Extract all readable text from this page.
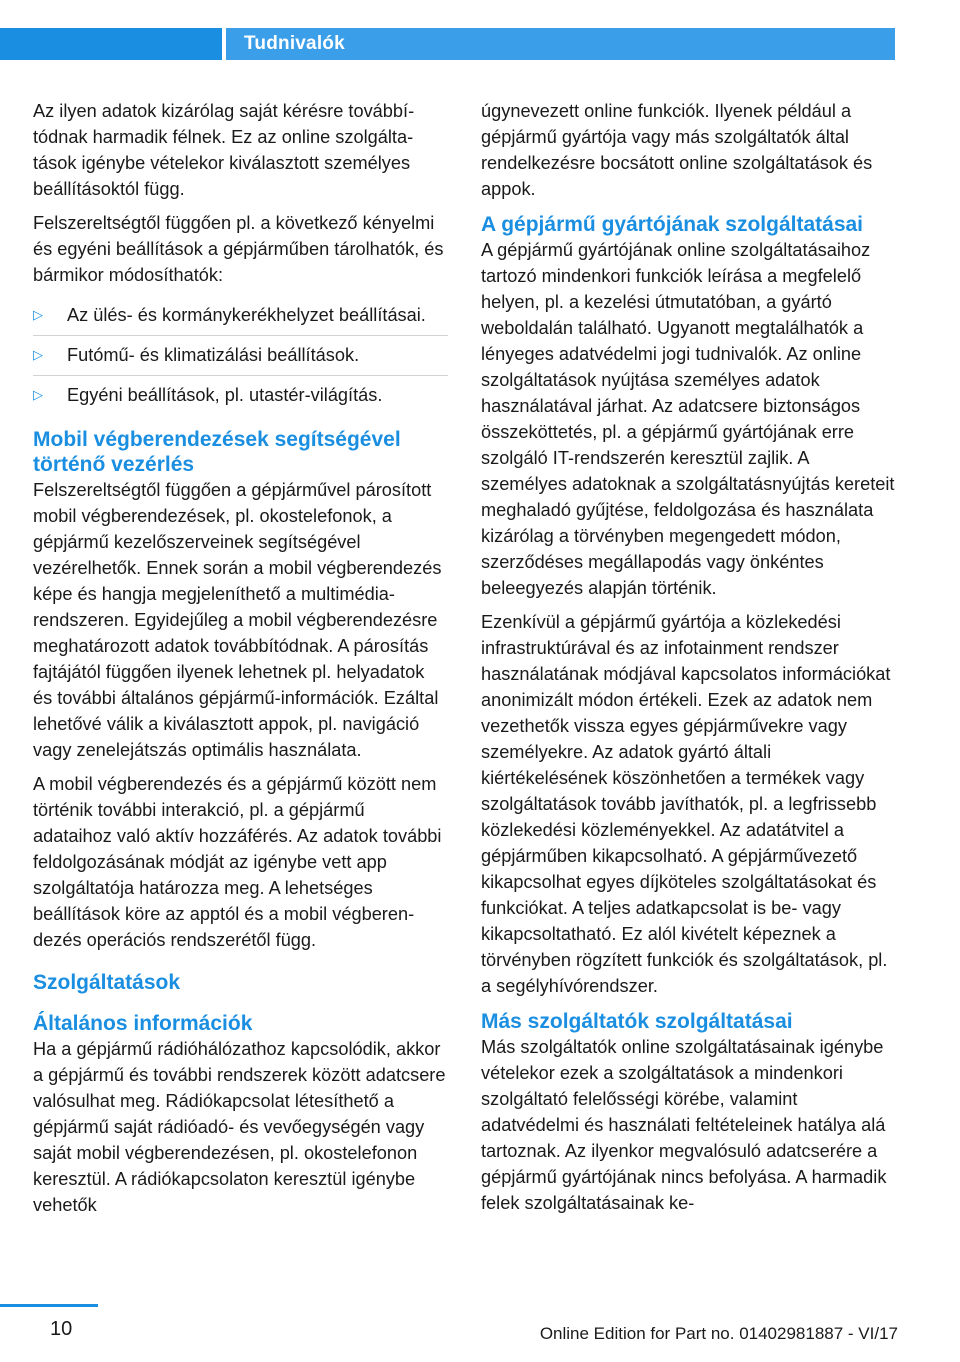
Tudnivalók

Az ilyen adatok kizárólag saját kérésre továbbítódnak harmadik félnek. Ez az online szolgáltatások igénybe vételekor kiválasztott személyes beállításoktól függ.

Felszereltségtől függően pl. a következő kényelmi és egyéni beállítások a gépjárműben tárolhatók, és bármikor módosíthatók:

▷ Az ülés- és kormánykerékhelyzet beállításai.
▷ Futómű- és klimatizálási beállítások.
▷ Egyéni beállítások, pl. utastér-világítás.
Mobil végberendezések segítségével történő vezérlés

Felszereltségtől függően a gépjárművel párosított mobil végberendezések, pl. okostelefonok, a gépjármű kezelőszerveinek segítségével vezérelhetők. Ennek során a mobil végberendezés képe és hangja megjeleníthető a multimédia-rendszeren. Egyidejűleg a mobil végberendezésre meghatározott adatok továbbítódnak. A párosítás fajtájától függően ilyenek lehetnek pl. helyadatok és további általános gépjármű-információk. Ezáltal lehetővé válik a kiválasztott appok, pl. navigáció vagy zenelejátszás optimális használata.

A mobil végberendezés és a gépjármű között nem történik további interakció, pl. a gépjármű adataihoz való aktív hozzáférés. Az adatok további feldolgozásának módját az igénybe vett app szolgáltatója határozza meg. A lehetséges beállítások köre az apptól és a mobil végberendezés operációs rendszerétől függ.

Szolgáltatások
Általános információk

Ha a gépjármű rádióhálózathoz kapcsolódik, akkor a gépjármű és további rendszerek között adatcsere valósulhat meg. Rádiókapcsolat létesíthető a gépjármű saját rádióadó- és vevőegységén vagy saját mobil végberendezésen, pl. okostelefonon keresztül. A rádiókapcsolaton keresztül igénybe vehetők

úgynevezett online funkciók. Ilyenek például a gépjármű gyártója vagy más szolgáltatók által rendelkezésre bocsátott online szolgáltatások és appok.

A gépjármű gyártójának szolgáltatásai

A gépjármű gyártójának online szolgáltatásaihoz tartozó mindenkori funkciók leírása a megfelelő helyen, pl. a kezelési útmutatóban, a gyártó weboldalán található. Ugyanott megtalálhatók a lényeges adatvédelmi jogi tudnivalók. Az online szolgáltatások nyújtása személyes adatok használatával járhat. Az adatcsere biztonságos összeköttetés, pl. a gépjármű gyártójának erre szolgáló IT-rendszerén keresztül zajlik. A személyes adatoknak a szolgáltatásnyújtás kereteit meghaladó gyűjtése, feldolgozása és használata kizárólag a törvényben megengedett módon, szerződéses megállapodás vagy önkéntes beleegyezés alapján történik.

Ezenkívül a gépjármű gyártója a közlekedési infrastruktúrával és az infotainment rendszer használatának módjával kapcsolatos információkat anonimizált módon értékeli. Ezek az adatok nem vezethetők vissza egyes gépjárművekre vagy személyekre. Az adatok gyártó általi kiértékelésének köszönhetően a termékek vagy szolgáltatások tovább javíthatók, pl. a legfrissebb közlekedési közleményekkel. Az adatátvitel a gépjárműben kikapcsolható. A gépjárművezető kikapcsolhat egyes díjköteles szolgáltatásokat és funkciókat. A teljes adatkapcsolat is be- vagy kikapcsoltatható. Ez alól kivételt képeznek a törvényben rögzített funkciók és szolgáltatások, pl. a segélyhívórendszer.

Más szolgáltatók szolgáltatásai

Más szolgáltatók online szolgáltatásainak igénybe vételekor ezek a szolgáltatások a mindenkori szolgáltató felelősségi körébe, valamint adatvédelmi és használati feltételeinek hatálya alá tartoznak. Az ilyenkor megvalósuló adatcserére a gépjármű gyártójának nincs befolyása. A harmadik felek szolgáltatásainak ke-

10	Online Edition for Part no. 01402981887 - VI/17
